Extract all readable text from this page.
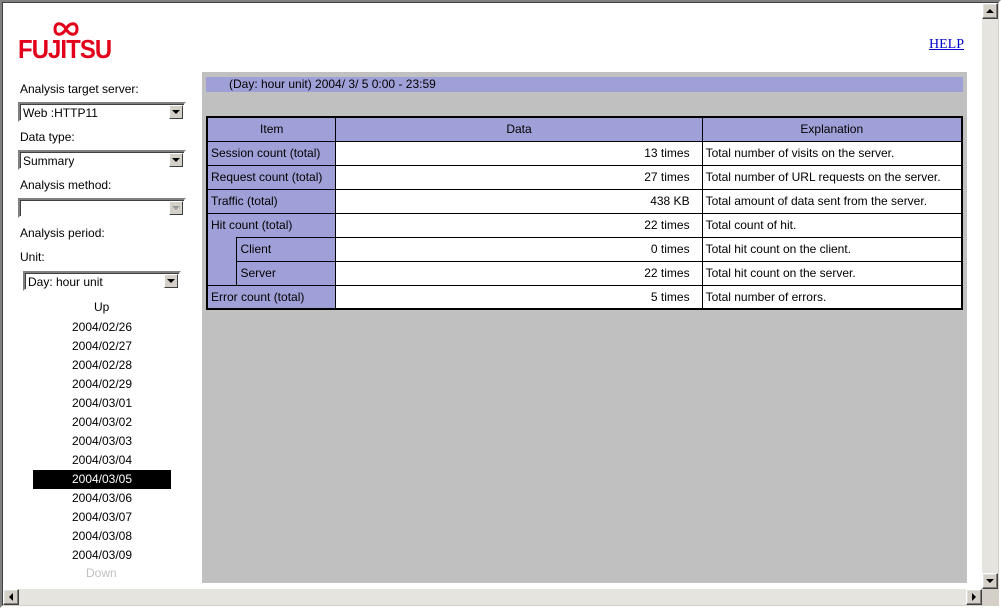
FUJITSU	HELP
Analysis target server:
Web :HTTP11
Data type:
Summary
Analysis method:
Analysis period:
Unit:
Day: hour unit
Up
2004/02/26
2004/02/27
2004/02/28
2004/02/29
2004/03/01
2004/03/02
2004/03/03
2004/03/04
2004/03/05
2004/03/06
2004/03/07
2004/03/08
2004/03/09
Down
(Day: hour unit) 2004/ 3/ 5 0:00 - 23:59
Item		Data	Explanation
Session count (total)		13 times	Total number of visits on the server.
Request count (total)		27 times	Total number of URL requests on the server.
Traffic (total)		438 KB	Total amount of data sent from the server.
Hit count (total)		22 times	Total count of hit.
	Client	0 times	Total hit count on the client.
	Server	22 times	Total hit count on the server.
Error count (total)		5 times	Total number of errors.
